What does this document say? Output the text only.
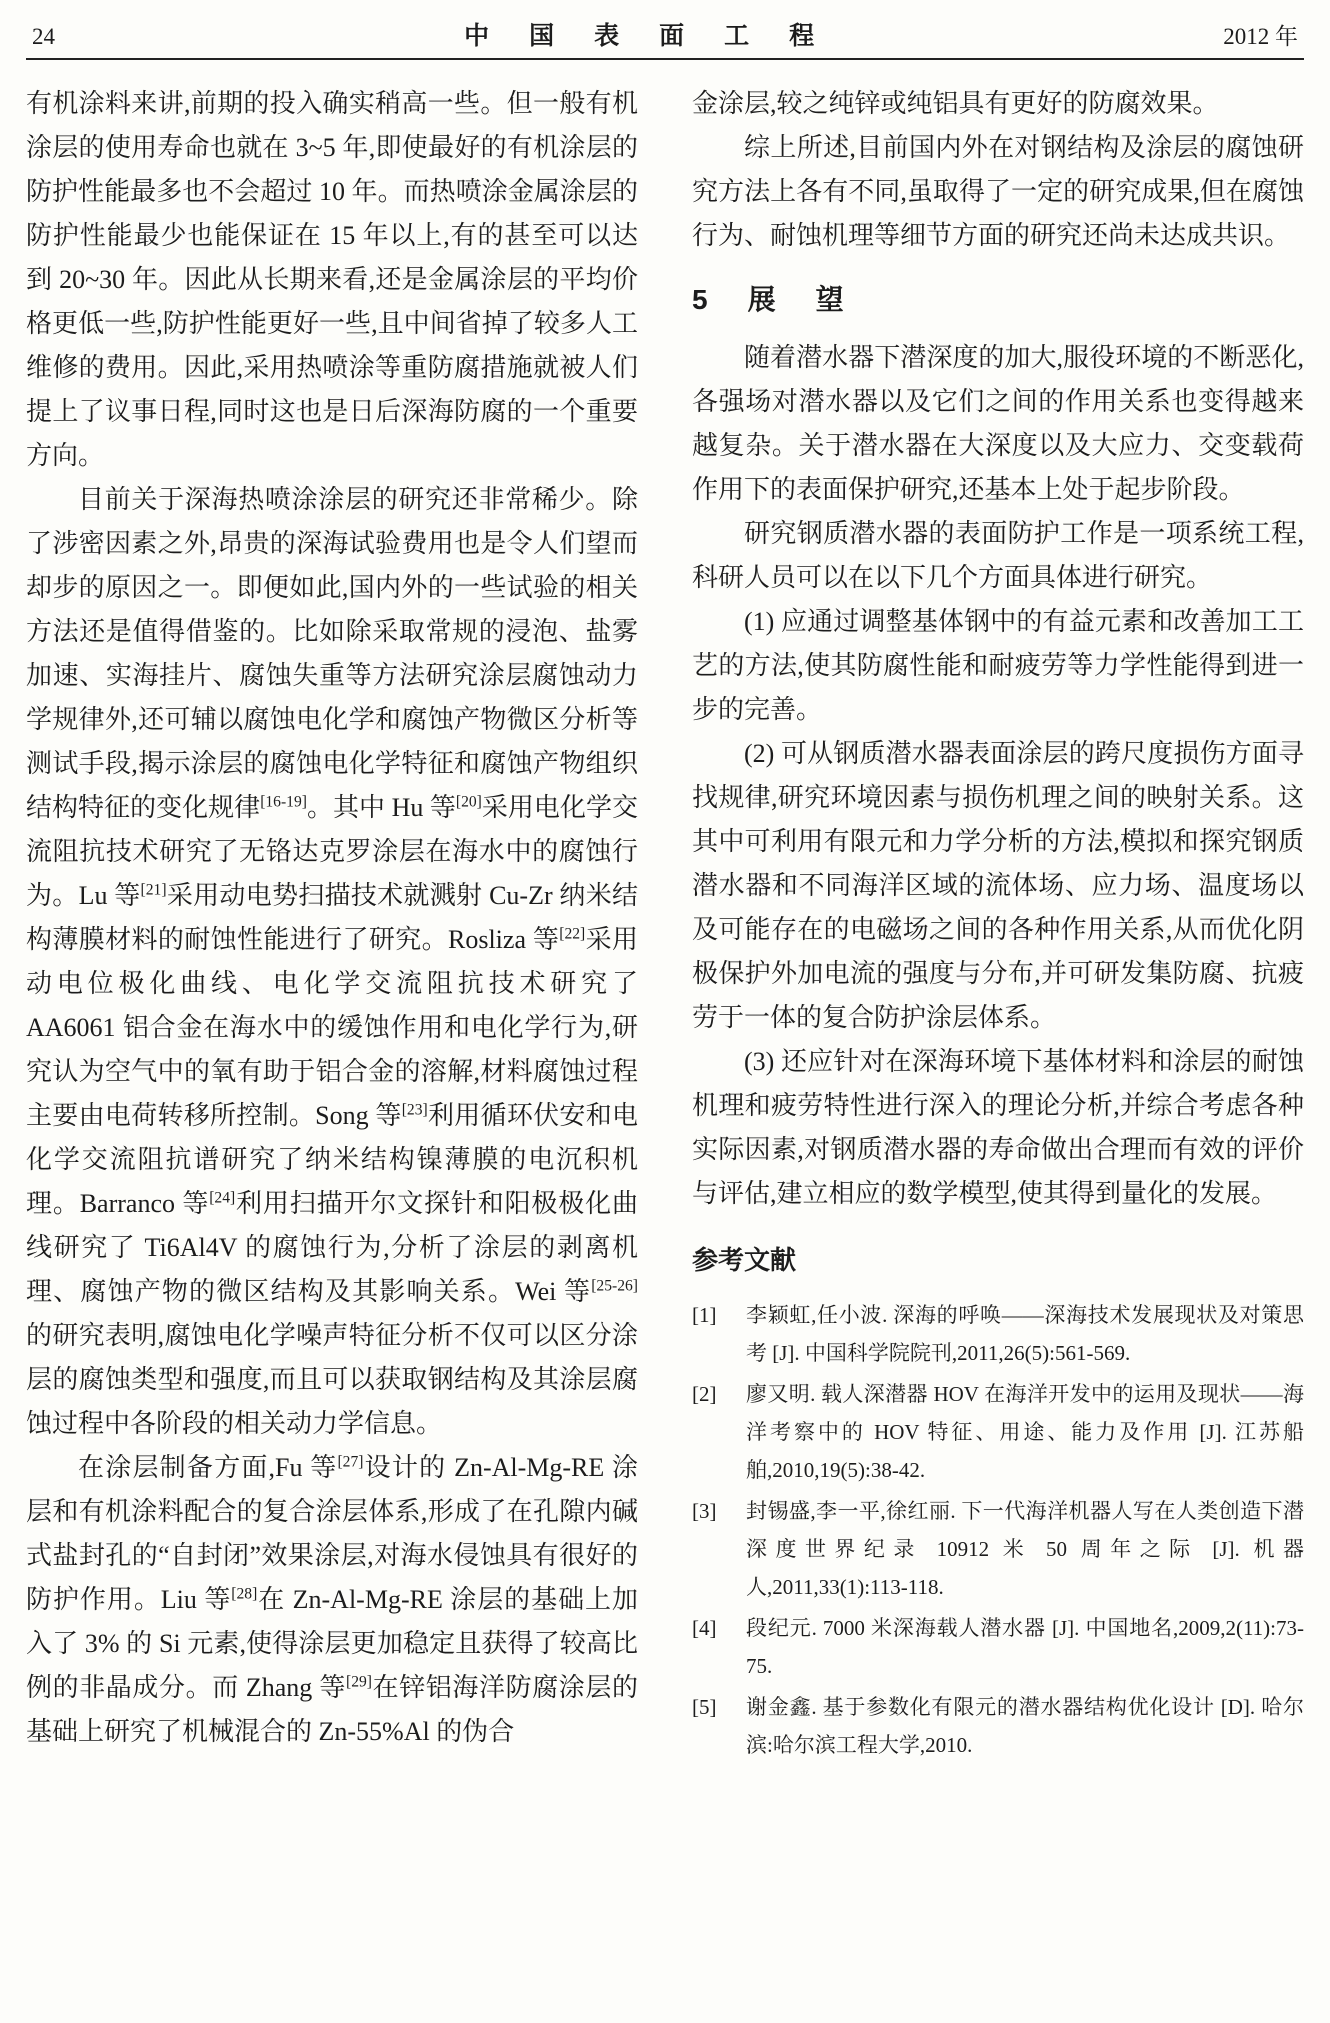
24	中国表面工程	2012 年

有机涂料来讲,前期的投入确实稍高一些。但一般有机涂层的使用寿命也就在 3~5 年,即使最好的有机涂层的防护性能最多也不会超过 10 年。而热喷涂金属涂层的防护性能最少也能保证在 15 年以上,有的甚至可以达到 20~30 年。因此从长期来看,还是金属涂层的平均价格更低一些,防护性能更好一些,且中间省掉了较多人工维修的费用。因此,采用热喷涂等重防腐措施就被人们提上了议事日程,同时这也是日后深海防腐的一个重要方向。

目前关于深海热喷涂涂层的研究还非常稀少。除了涉密因素之外,昂贵的深海试验费用也是令人们望而却步的原因之一。即便如此,国内外的一些试验的相关方法还是值得借鉴的。比如除采取常规的浸泡、盐雾加速、实海挂片、腐蚀失重等方法研究涂层腐蚀动力学规律外,还可辅以腐蚀电化学和腐蚀产物微区分析等测试手段,揭示涂层的腐蚀电化学特征和腐蚀产物组织结构特征的变化规律[16-19]。其中 Hu 等[20]采用电化学交流阻抗技术研究了无铬达克罗涂层在海水中的腐蚀行为。Lu 等[21]采用动电势扫描技术就溅射 Cu-Zr 纳米结构薄膜材料的耐蚀性能进行了研究。Rosliza 等[22]采用动电位极化曲线、电化学交流阻抗技术研究了 AA6061 铝合金在海水中的缓蚀作用和电化学行为,研究认为空气中的氧有助于铝合金的溶解,材料腐蚀过程主要由电荷转移所控制。Song 等[23]利用循环伏安和电化学交流阻抗谱研究了纳米结构镍薄膜的电沉积机理。Barranco 等[24]利用扫描开尔文探针和阳极极化曲线研究了 Ti6Al4V 的腐蚀行为,分析了涂层的剥离机理、腐蚀产物的微区结构及其影响关系。Wei 等[25-26]的研究表明,腐蚀电化学噪声特征分析不仅可以区分涂层的腐蚀类型和强度,而且可以获取钢结构及其涂层腐蚀过程中各阶段的相关动力学信息。

在涂层制备方面,Fu 等[27]设计的 Zn-Al-Mg-RE 涂层和有机涂料配合的复合涂层体系,形成了在孔隙内碱式盐封孔的“自封闭”效果涂层,对海水侵蚀具有很好的防护作用。Liu 等[28]在 Zn-Al-Mg-RE 涂层的基础上加入了 3% 的 Si 元素,使得涂层更加稳定且获得了较高比例的非晶成分。而 Zhang 等[29]在锌铝海洋防腐涂层的基础上研究了机械混合的 Zn-55%Al 的伪合

金涂层,较之纯锌或纯铝具有更好的防腐效果。

综上所述,目前国内外在对钢结构及涂层的腐蚀研究方法上各有不同,虽取得了一定的研究成果,但在腐蚀行为、耐蚀机理等细节方面的研究还尚未达成共识。

5 展　望

随着潜水器下潜深度的加大,服役环境的不断恶化,各强场对潜水器以及它们之间的作用关系也变得越来越复杂。关于潜水器在大深度以及大应力、交变载荷作用下的表面保护研究,还基本上处于起步阶段。

研究钢质潜水器的表面防护工作是一项系统工程,科研人员可以在以下几个方面具体进行研究。

(1) 应通过调整基体钢中的有益元素和改善加工工艺的方法,使其防腐性能和耐疲劳等力学性能得到进一步的完善。

(2) 可从钢质潜水器表面涂层的跨尺度损伤方面寻找规律,研究环境因素与损伤机理之间的映射关系。这其中可利用有限元和力学分析的方法,模拟和探究钢质潜水器和不同海洋区域的流体场、应力场、温度场以及可能存在的电磁场之间的各种作用关系,从而优化阴极保护外加电流的强度与分布,并可研发集防腐、抗疲劳于一体的复合防护涂层体系。

(3) 还应针对在深海环境下基体材料和涂层的耐蚀机理和疲劳特性进行深入的理论分析,并综合考虑各种实际因素,对钢质潜水器的寿命做出合理而有效的评价与评估,建立相应的数学模型,使其得到量化的发展。

参考文献
[1]	李颖虹,任小波. 深海的呼唤——深海技术发展现状及对策思考 [J]. 中国科学院院刊,2011,26(5):561-569.
[2]	廖又明. 载人深潜器 HOV 在海洋开发中的运用及现状——海洋考察中的 HOV 特征、用途、能力及作用 [J]. 江苏船舶,2010,19(5):38-42.
[3]	封锡盛,李一平,徐红丽. 下一代海洋机器人写在人类创造下潜深度世界纪录 10912 米 50 周年之际 [J]. 机器人,2011,33(1):113-118.
[4]	段纪元. 7000 米深海载人潜水器 [J]. 中国地名,2009,2(11):73-75.
[5]	谢金鑫. 基于参数化有限元的潜水器结构优化设计 [D]. 哈尔滨:哈尔滨工程大学,2010.
